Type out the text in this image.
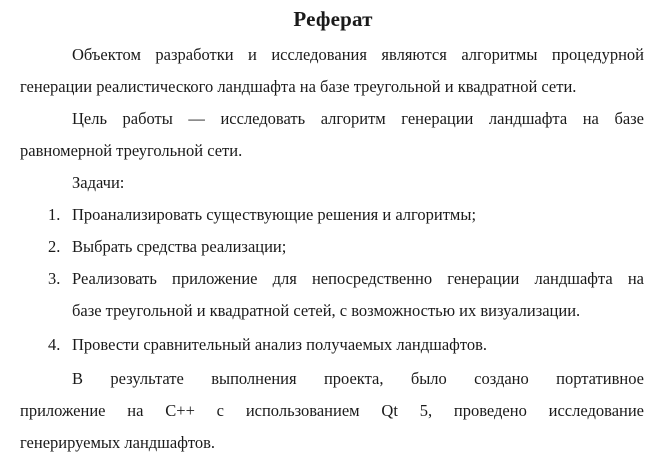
Реферат
Объектом разработки и исследования являются алгоритмы процедурной
генерации реалистического ландшафта на базе треугольной и квадратной сети.
Цель работы — исследовать алгоритм генерации ландшафта на базе
равномерной треугольной сети.
Задачи:
1. Проанализировать существующие решения и алгоритмы;
2. Выбрать средства реализации;
3. Реализовать приложение для непосредственно генерации ландшафта на
базе треугольной и квадратной сетей, с возможностью их визуализации.
4. Провести сравнительный анализ получаемых ландшафтов.
В результате выполнения проекта, было создано портативное
приложение на C++ с использованием Qt 5, проведено исследование
генерируемых ландшафтов.
